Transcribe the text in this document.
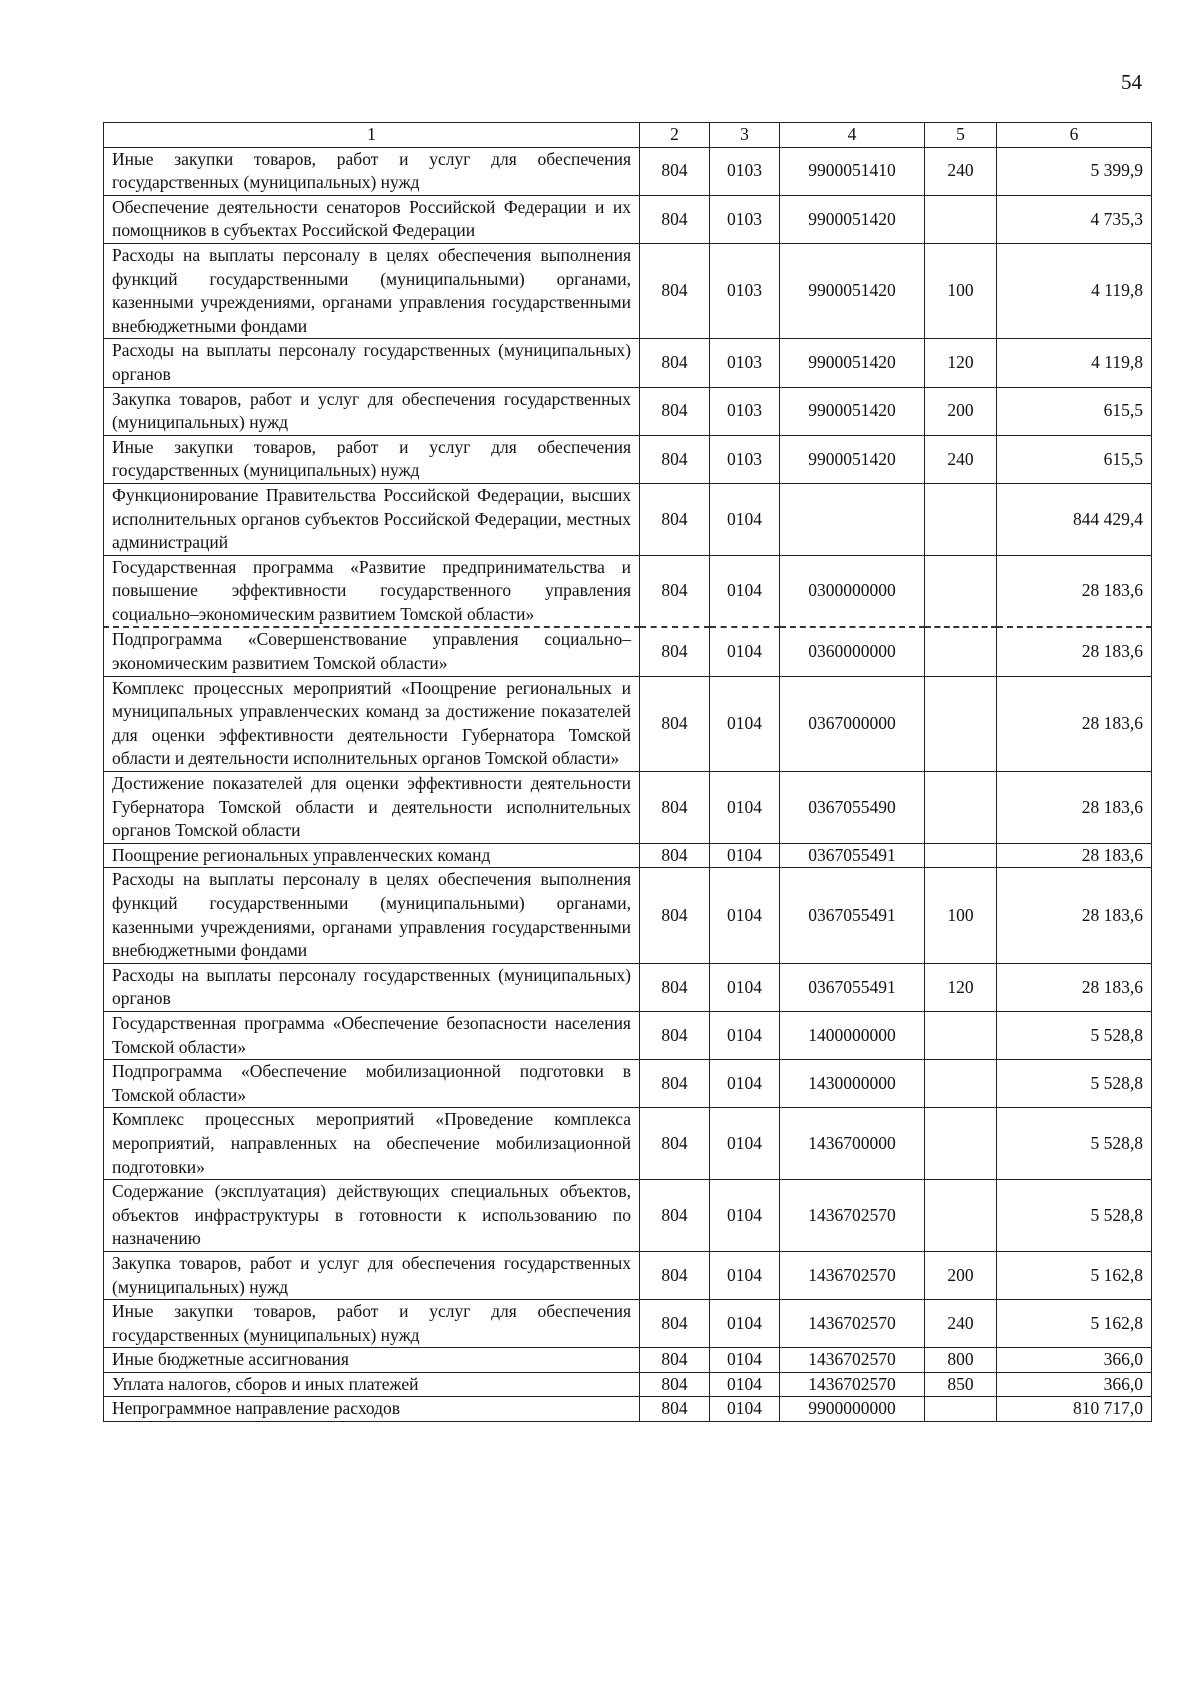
54
1	2	3	4	5	6
Иные закупки товаров, работ и услуг для обеспечения государственных (муниципальных) нужд	804	0103	9900051410	240	5 399,9
Обеспечение деятельности сенаторов Российской Федерации и их помощников в субъектах Российской Федерации	804	0103	9900051420		4 735,3
Расходы на выплаты персоналу в целях обеспечения выполнения функций государственными (муниципальными) органами, казенными учреждениями, органами управления государственными внебюджетными фондами	804	0103	9900051420	100	4 119,8
Расходы на выплаты персоналу государственных (муниципальных) органов	804	0103	9900051420	120	4 119,8
Закупка товаров, работ и услуг для обеспечения государственных (муниципальных) нужд	804	0103	9900051420	200	615,5
Иные закупки товаров, работ и услуг для обеспечения государственных (муниципальных) нужд	804	0103	9900051420	240	615,5
Функционирование Правительства Российской Федерации, высших исполнительных органов субъектов Российской Федерации, местных администраций	804	0104			844 429,4
Государственная программа «Развитие предпринимательства и повышение эффективности государственного управления социально–экономическим развитием Томской области»	804	0104	0300000000		28 183,6
Подпрограмма «Совершенствование управления социально–экономическим развитием Томской области»	804	0104	0360000000		28 183,6
Комплекс процессных мероприятий «Поощрение региональных и муниципальных управленческих команд за достижение показателей для оценки эффективности деятельности Губернатора Томской области и деятельности исполнительных органов Томской области»	804	0104	0367000000		28 183,6
Достижение показателей для оценки эффективности деятельности Губернатора Томской области и деятельности исполнительных органов Томской области	804	0104	0367055490		28 183,6
Поощрение региональных управленческих команд	804	0104	0367055491		28 183,6
Расходы на выплаты персоналу в целях обеспечения выполнения функций государственными (муниципальными) органами, казенными учреждениями, органами управления государственными внебюджетными фондами	804	0104	0367055491	100	28 183,6
Расходы на выплаты персоналу государственных (муниципальных) органов	804	0104	0367055491	120	28 183,6
Государственная программа «Обеспечение безопасности населения Томской области»	804	0104	1400000000		5 528,8
Подпрограмма «Обеспечение мобилизационной подготовки в Томской области»	804	0104	1430000000		5 528,8
Комплекс процессных мероприятий «Проведение комплекса мероприятий, направленных на обеспечение мобилизационной подготовки»	804	0104	1436700000		5 528,8
Содержание (эксплуатация) действующих специальных объектов, объектов инфраструктуры в готовности к использованию по назначению	804	0104	1436702570		5 528,8
Закупка товаров, работ и услуг для обеспечения государственных (муниципальных) нужд	804	0104	1436702570	200	5 162,8
Иные закупки товаров, работ и услуг для обеспечения государственных (муниципальных) нужд	804	0104	1436702570	240	5 162,8
Иные бюджетные ассигнования	804	0104	1436702570	800	366,0
Уплата налогов, сборов и иных платежей	804	0104	1436702570	850	366,0
Непрограммное направление расходов	804	0104	9900000000		810 717,0
